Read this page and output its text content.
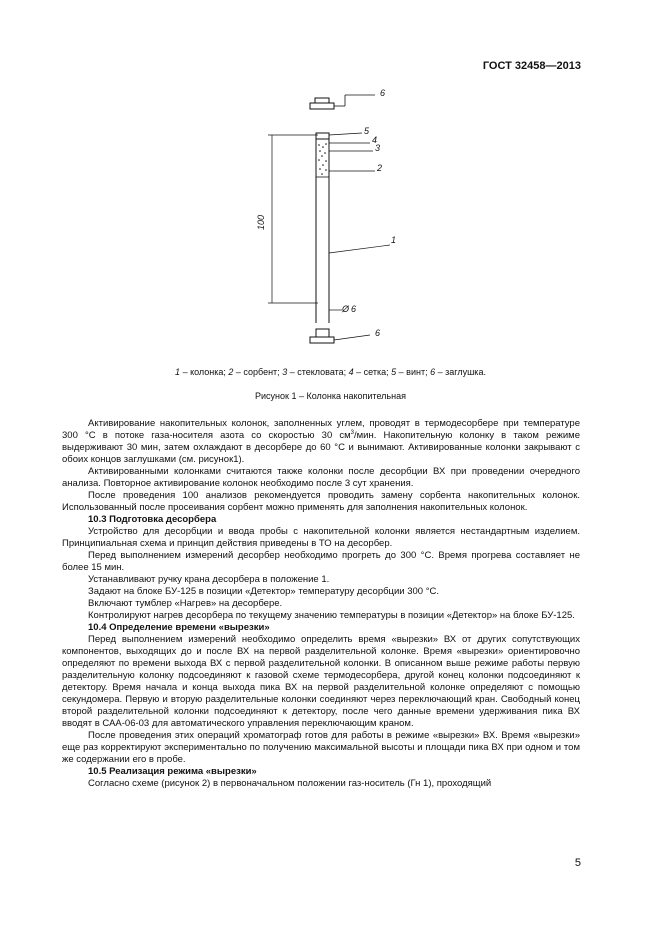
ГОСТ 32458—2013
6
5
4
3
2
1
100
Ø 6
6
1 – колонка; 2 – сорбент; 3 – стекловата; 4 – сетка; 5 – винт; 6 – заглушка.
Рисунок 1 – Колонка накопительная

Активирование накопительных колонок, заполненных углем, проводят в термодесорбере при температуре 300 °С в потоке газа-носителя азота со скоростью 30 $см^3$/мин. Накопительную колонку в таком режиме выдерживают 30 мин, затем охлаждают в десорбере до 60 °С и вынимают. Активированные колонки закрывают с обоих концов заглушками (см. рисунок1).

Активированными колонками считаются также колонки после десорбции ВХ при проведении очередного анализа. Повторное активирование колонок необходимо после 3 сут хранения.

После проведения 100 анализов рекомендуется проводить замену сорбента накопительных колонок. Использованный после просеивания сорбент можно применять для заполнения накопительных колонок.

10.3 Подготовка десорбера

Устройство для десорбции и ввода пробы с накопительной колонки является нестандартным изделием. Принципиальная схема и принцип действия приведены в ТО на десорбер.

Перед выполнением измерений десорбер необходимо прогреть до 300 °С. Время прогрева составляет не более 15 мин.

Устанавливают ручку крана десорбера в положение 1.

Задают на блоке БУ-125 в позиции «Детектор» температуру десорбции 300 °С.

Включают тумблер «Нагрев» на десорбере.

Контролируют нагрев десорбера по текущему значению температуры в позиции «Детектор» на блоке БУ-125.

10.4 Определение времени «вырезки»

Перед выполнением измерений необходимо определить время «вырезки» ВХ от других сопутствующих компонентов, выходящих до и после ВХ на первой разделительной колонке. Время «вырезки» ориентировочно определяют по времени выхода ВХ с первой разделительной колонки. В описанном выше режиме работы первую разделительную колонку подсоединяют к газовой схеме термодесорбера, другой конец колонки подсоединяют к детектору. Время начала и конца выхода пика ВХ на первой разделительной колонке определяют с помощью секундомера. Первую и вторую разделительные колонки соединяют через переключающий кран. Свободный конец второй разделительной колонки подсоединяют к детектору, после чего данные времени удерживания пика ВХ вводят в САА-06-03 для автоматического управления переключающим краном.

После проведения этих операций хроматограф готов для работы в режиме «вырезки» ВХ. Время «вырезки» еще раз корректируют экспериментально по получению максимальной высоты и площади пика ВХ при одном и том же содержании его в пробе.

10.5 Реализация режима «вырезки»

Согласно схеме (рисунок 2) в первоначальном положении газ-носитель (Гн 1), проходящий

5
